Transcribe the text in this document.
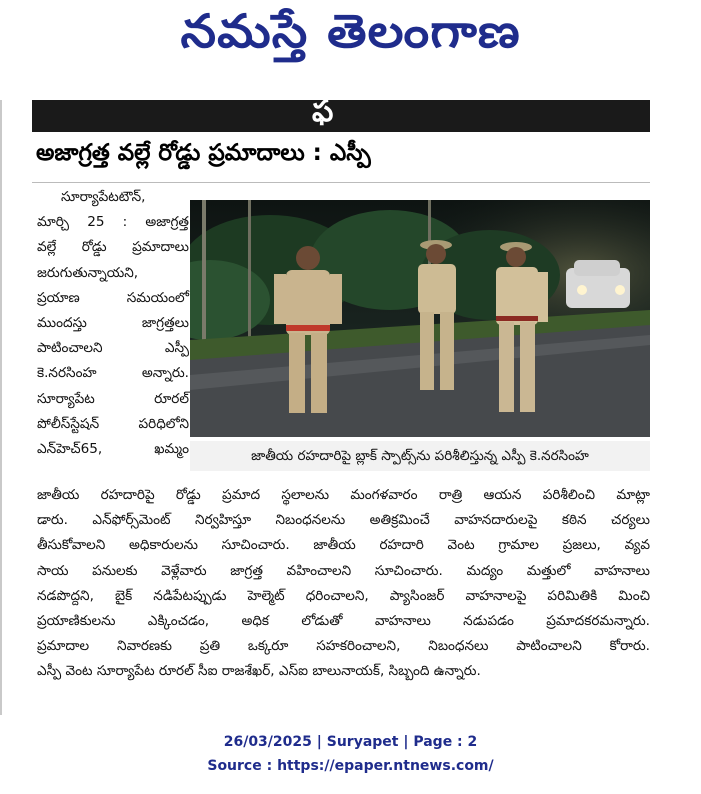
నమస్తే తెలంగాణ
ఫ
అజాగ్రత్త వల్లే రోడ్డు ప్రమాదాలు : ఎస్పీ

సూర్యాపేటటౌన్,

మార్చి 25 : అజాగ్రత్త

వల్లే రోడ్డు ప్రమాదాలు

జరుగుతున్నాయని,

ప్రయాణ సమయంలో

ముందస్తు జాగ్రత్తలు

పాటించాలని ఎస్పీ

కె.నరసింహ అన్నారు.

సూర్యాపేట రూరల్

పోలీస్‌స్టేషన్ పరిధిలోని

ఎన్‌హెచ్65, ఖమ్మం	జాతీయ రహదారిపై బ్లాక్ స్పాట్స్‌ను పరిశీలిస్తున్న ఎస్పీ కె.నరసింహ

జాతీయ రహదారిపై రోడ్డు ప్రమాద స్థలాలను మంగళవారం రాత్రి ఆయన పరిశీలించి మాట్లా

డారు. ఎన్‌ఫోర్స్‌మెంట్ నిర్వహిస్తూ నిబంధనలను అతిక్రమించే వాహనదారులపై కఠిన చర్యలు

తీసుకోవాలని అధికారులను సూచించారు. జాతీయ రహదారి వెంట గ్రామాల ప్రజలు, వ్యవ

సాయ పనులకు వెళ్లేవారు జాగ్రత్త వహించాలని సూచించారు. మద్యం మత్తులో వాహనాలు

నడపొద్దని, బైక్ నడిపేటప్పుడు హెల్మెట్ ధరించాలని, ప్యాసింజర్ వాహనాలపై పరిమితికి మించి

ప్రయాణికులను ఎక్కించడం, అధిక లోడుతో వాహనాలు నడుపడం ప్రమాదకరమన్నారు.

ప్రమాదాల నివారణకు ప్రతి ఒక్కరూ సహకరించాలని, నిబంధనలు పాటించాలని కోరారు.

ఎస్పీ వెంట సూర్యాపేట రూరల్ సీఐ రాజశేఖర్, ఎస్ఐ బాలునాయక్, సిబ్బంది ఉన్నారు.

26/03/2025 | Suryapet | Page : 2
Source : https://epaper.ntnews.com/
